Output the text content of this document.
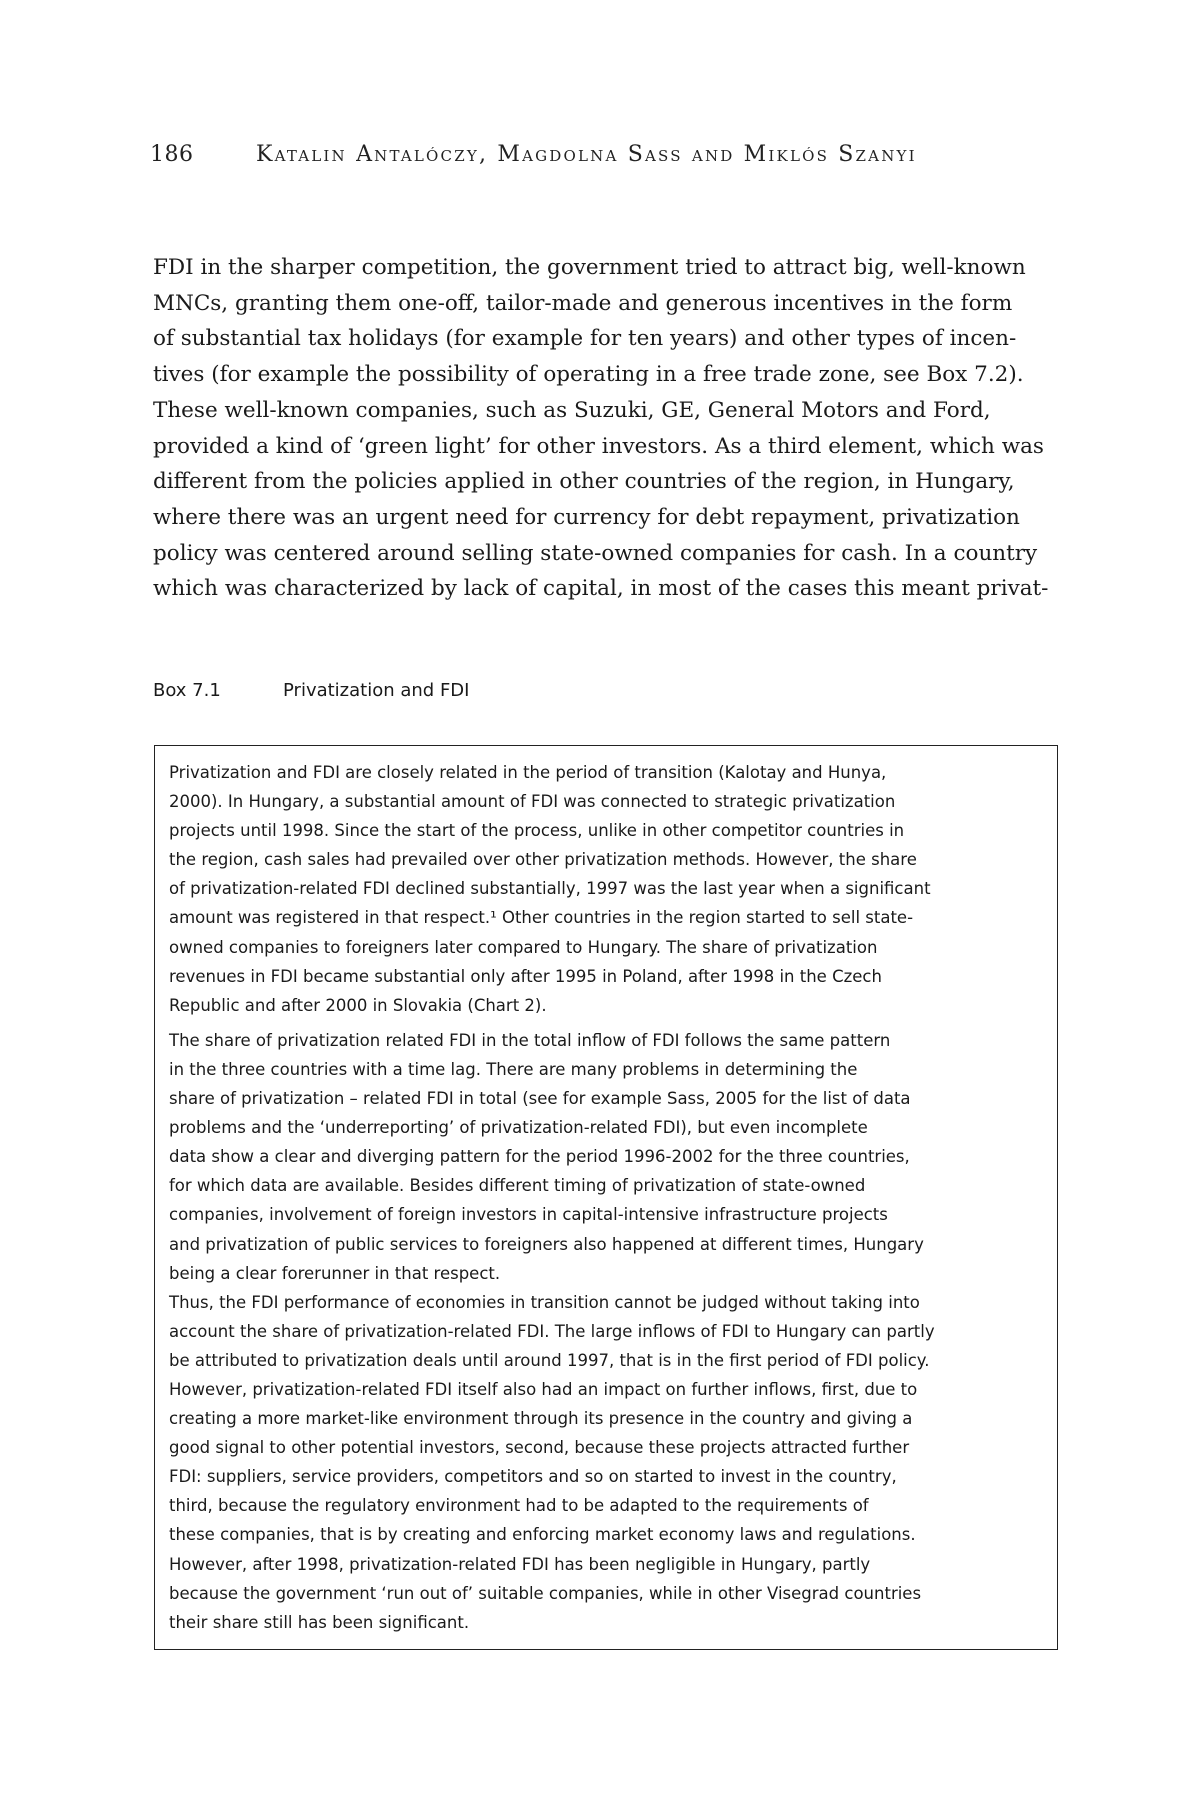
186	Katalin Antalóczy, Magdolna Sass and Miklós Szanyi

FDI in the sharper competition, the government tried to attract big, well-known
MNCs, granting them one-off, tailor-made and generous incentives in the form
of substantial tax holidays (for example for ten years) and other types of incen-
tives (for example the possibility of operating in a free trade zone, see Box 7.2).
These well-known companies, such as Suzuki, GE, General Motors and Ford,
provided a kind of ‘green light’ for other investors. As a third element, which was
different from the policies applied in other countries of the region, in Hungary,
where there was an urgent need for currency for debt repayment, privatization
policy was centered around selling state-owned companies for cash. In a country
which was characterized by lack of capital, in most of the cases this meant privat-

Box 7.1	Privatization and FDI

Privatization and FDI are closely related in the period of transition (Kalotay and Hunya,
2000). In Hungary, a substantial amount of FDI was connected to strategic privatization
projects until 1998. Since the start of the process, unlike in other competitor countries in
the region, cash sales had prevailed over other privatization methods. However, the share
of privatization-related FDI declined substantially, 1997 was the last year when a significant
amount was registered in that respect.¹ Other countries in the region started to sell state-
owned companies to foreigners later compared to Hungary. The share of privatization
revenues in FDI became substantial only after 1995 in Poland, after 1998 in the Czech
Republic and after 2000 in Slovakia (Chart 2).

The share of privatization related FDI in the total inflow of FDI follows the same pattern
in the three countries with a time lag. There are many problems in determining the
share of privatization – related FDI in total (see for example Sass, 2005 for the list of data
problems and the ‘underreporting’ of privatization-related FDI), but even incomplete
data show a clear and diverging pattern for the period 1996-2002 for the three countries,
for which data are available. Besides different timing of privatization of state-owned
companies, involvement of foreign investors in capital-intensive infrastructure projects
and privatization of public services to foreigners also happened at different times, Hungary
being a clear forerunner in that respect.

Thus, the FDI performance of economies in transition cannot be judged without taking into
account the share of privatization-related FDI. The large inflows of FDI to Hungary can partly
be attributed to privatization deals until around 1997, that is in the first period of FDI policy.
However, privatization-related FDI itself also had an impact on further inflows, first, due to
creating a more market-like environment through its presence in the country and giving a
good signal to other potential investors, second, because these projects attracted further
FDI: suppliers, service providers, competitors and so on started to invest in the country,
third, because the regulatory environment had to be adapted to the requirements of
these companies, that is by creating and enforcing market economy laws and regulations.
However, after 1998, privatization-related FDI has been negligible in Hungary, partly
because the government ‘run out of’ suitable companies, while in other Visegrad countries
their share still has been significant.
